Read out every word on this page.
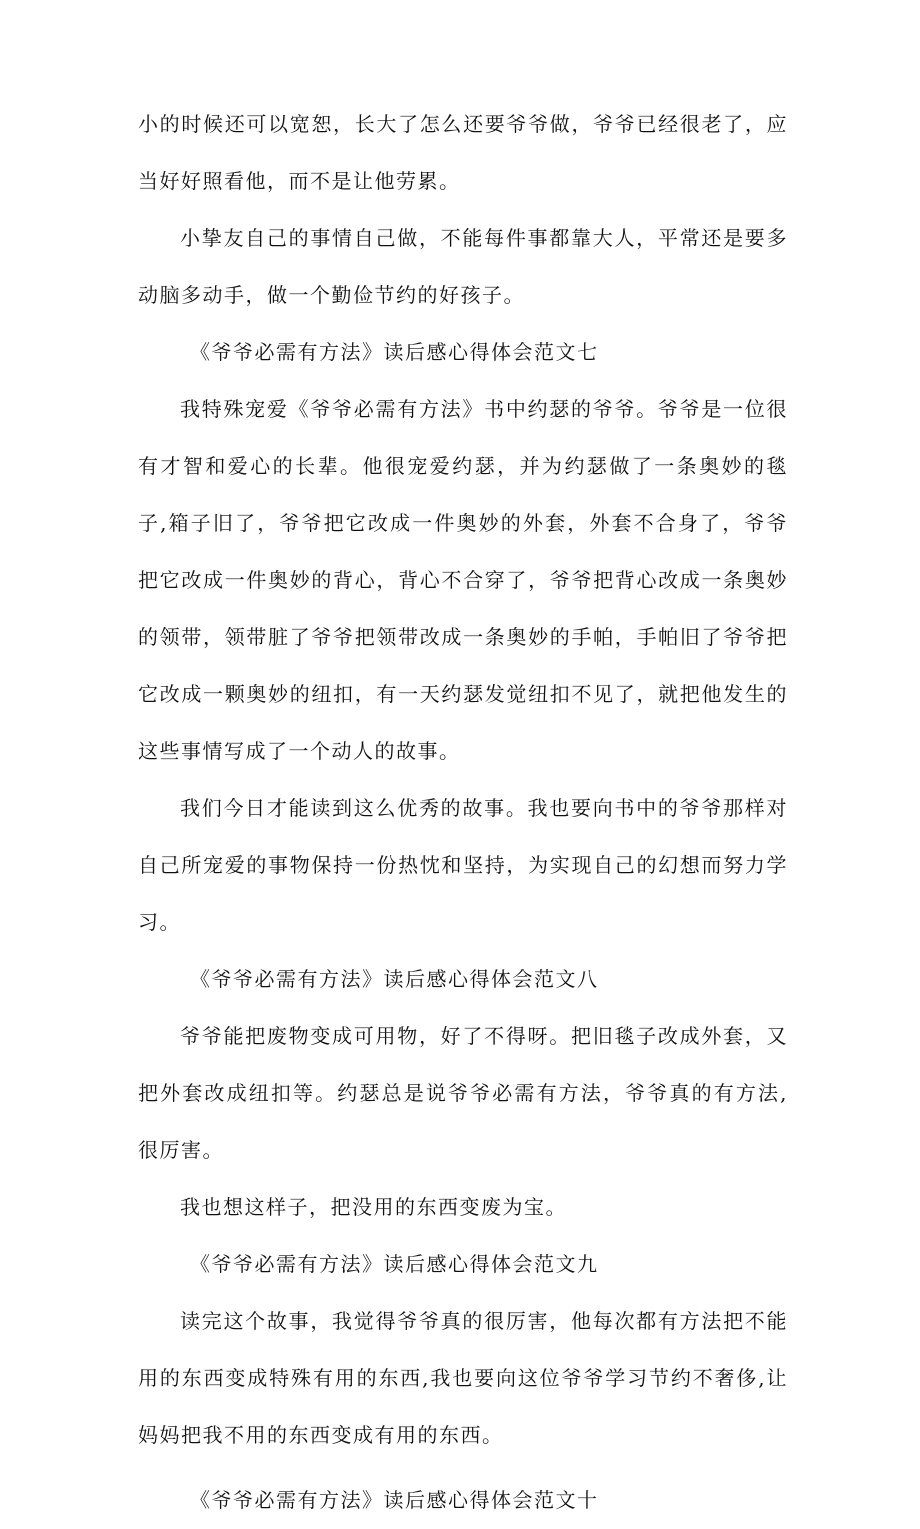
小的时候还可以宽恕，长大了怎么还要爷爷做，爷爷已经很老了，应当好好照看他，而不是让他劳累。

小挚友自己的事情自己做，不能每件事都靠大人，平常还是要多动脑多动手，做一个勤俭节约的好孩子。

《爷爷必需有方法》读后感心得体会范文七

我特殊宠爱《爷爷必需有方法》书中约瑟的爷爷。爷爷是一位很有才智和爱心的长辈。他很宠爱约瑟，并为约瑟做了一条奥妙的毯子,箱子旧了，爷爷把它改成一件奥妙的外套，外套不合身了，爷爷把它改成一件奥妙的背心，背心不合穿了，爷爷把背心改成一条奥妙的领带，领带脏了爷爷把领带改成一条奥妙的手帕，手帕旧了爷爷把它改成一颗奥妙的纽扣，有一天约瑟发觉纽扣不见了，就把他发生的这些事情写成了一个动人的故事。

我们今日才能读到这么优秀的故事。我也要向书中的爷爷那样对自己所宠爱的事物保持一份热忱和坚持，为实现自己的幻想而努力学习。

《爷爷必需有方法》读后感心得体会范文八

爷爷能把废物变成可用物，好了不得呀。把旧毯子改成外套，又把外套改成纽扣等。约瑟总是说爷爷必需有方法，爷爷真的有方法,很厉害。

我也想这样子，把没用的东西变废为宝。

《爷爷必需有方法》读后感心得体会范文九

读完这个故事，我觉得爷爷真的很厉害，他每次都有方法把不能用的东西变成特殊有用的东西,我也要向这位爷爷学习节约不奢侈,让妈妈把我不用的东西变成有用的东西。

《爷爷必需有方法》读后感心得体会范文十
